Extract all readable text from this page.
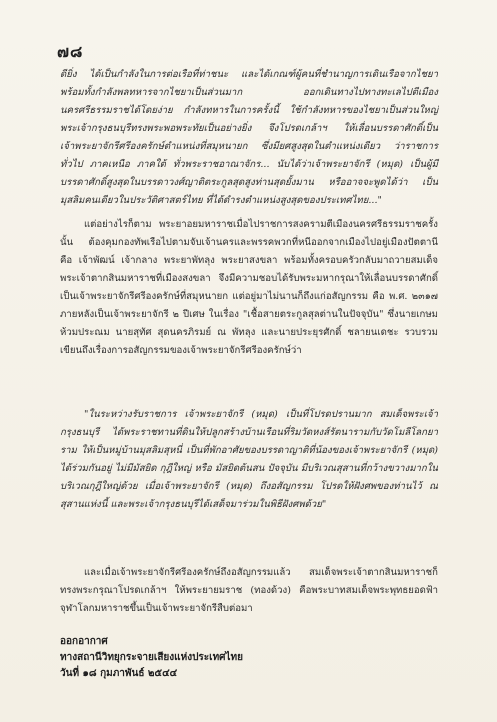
๗๘

ดียิ่ง ได้เป็นกำลังในการต่อเรือที่ท่าชนะ และได้เกณฑ์ผู้คนที่ชำนาญการเดินเรือจากไชยา พร้อมทั้งกำลังพลทหารจากไชยาเป็นส่วนมาก ออกเดินทางไปทางทะเลไปตีเมืองนครศรีธรรมราชได้โดยง่าย กำลังทหารในการครั้งนี้ ใช้กำลังทหารของไชยาเป็นส่วนใหญ่ พระเจ้ากรุงธนบุรีทรงพระพอพระทัยเป็นอย่างยิ่ง จึงโปรดเกล้าฯ ให้เลื่อนบรรดาศักดิ์เป็นเจ้าพระยาจักรีศรีองครักษ์ตำแหน่งที่สมุหนายก ซึ่งมียศสูงสุดในตำแหน่งเดียว ว่าราชการทั่วไป ภาคเหนือ ภาคใต้ ทั่วพระราชอาณาจักร... นับได้ว่าเจ้าพระยาจักรี (หมุด) เป็นผู้มีบรรดาศักดิ์สูงสุดในบรรดาวงศ์ญาติตระกูลสุดสูงท่านสุดยั้งมาน หรืออาจจะพูดได้ว่า เป็นมุสลิมคนเดียวในประวัติศาสตร์ไทย ที่ได้ดำรงตำแหน่งสูงสุดของประเทศไทย..."

แต่อย่างไรก็ตาม พระยาอยมหาราชเมื่อไปราชการสงครามตีเมืองนครศรีธรรมราชครั้งนั้น ต้องคุมกองทัพเรือไปตามจับเจ้านครและพรรคพวกที่หนีออกจากเมืองไปอยู่เมืองปัตตานี คือ เจ้าพัฒน์ เจ้ากลาง พระยาพัทลุง พระยาสงขลา พร้อมทั้งครอบครัวกลับมาถวายสมเด็จพระเจ้าตากสินมหาราชที่เมืองสงขลา จึงมีความชอบได้รับพระมหากรุณาให้เลื่อนบรรดาศักดิ์เป็นเจ้าพระยาจักรีศรีองครักษ์ที่สมุหนายก แต่อยู่มาไม่นานก็ถึงแก่อสัญกรรม คือ พ.ศ. ๒๓๑๗ ภายหลังเป็นเจ้าพระยาจักรี ๒ ปีเศษ ในเรื่อง "เชื้อสายตระกูลสุลต่านในปัจจุบัน" ซึ่งนายเกษม ห้วมประณม นายสุทัศ สุดนครภิรมย์ ณ พัทลุง และนายประยุรศักดิ์ ชลายนเดชะ รวบรวมเขียนถึงเรื่องการอสัญกรรมของเจ้าพระยาจักรีศรีองครักษ์ว่า

"ในระหว่างรับราชการ เจ้าพระยาจักรี (หมุด) เป็นที่โปรดปรานมาก สมเด็จพระเจ้ากรุงธนบุรี ได้พระราชทานที่ดินให้ปลูกสร้างบ้านเรือนที่ริมวัดหงส์รัตนารามกับวัดโมลีโลกยาราม ให้เป็นหมู่บ้านมุสลิมสุหนี่ เป็นที่พักอาศัยของบรรดาญาติที่น้องของเจ้าพระยาจักรี (หมุด) ได้ร่วมกันอยู่ ไม่มีมัสยิด กุฎีใหญ่ หรือ มัสยิดต้นสน ปัจจุบัน มีบริเวณสุสานที่กว้างขวางมากในบริเวณกุฎีใหญ่ด้วย เมื่อเจ้าพระยาจักรี (หมุด) ถึงอสัญกรรม โปรดให้ฝังศพของท่านไว้ ณ สุสานแห่งนี้ และพระเจ้ากรุงธนบุรีได้เสด็จมาร่วมในพิธีฝังศพด้วย"

และเมื่อเจ้าพระยาจักรีศรีองครักษ์ถึงอสัญกรรมแล้ว สมเด็จพระเจ้าตากสินมหาราชก็ทรงพระกรุณาโปรดเกล้าฯ ให้พระยายมราช (ทองด้วง) คือพระบาทสมเด็จพระพุทธยอดฟ้าจุฬาโลกมหาราชขึ้นเป็นเจ้าพระยาจักรีสืบต่อมา

ออกอากาศ
ทางสถานีวิทยุกระจายเสียงแห่งประเทศไทย
วันที่ ๑๘ กุมภาพันธ์ ๒๕๔๔
